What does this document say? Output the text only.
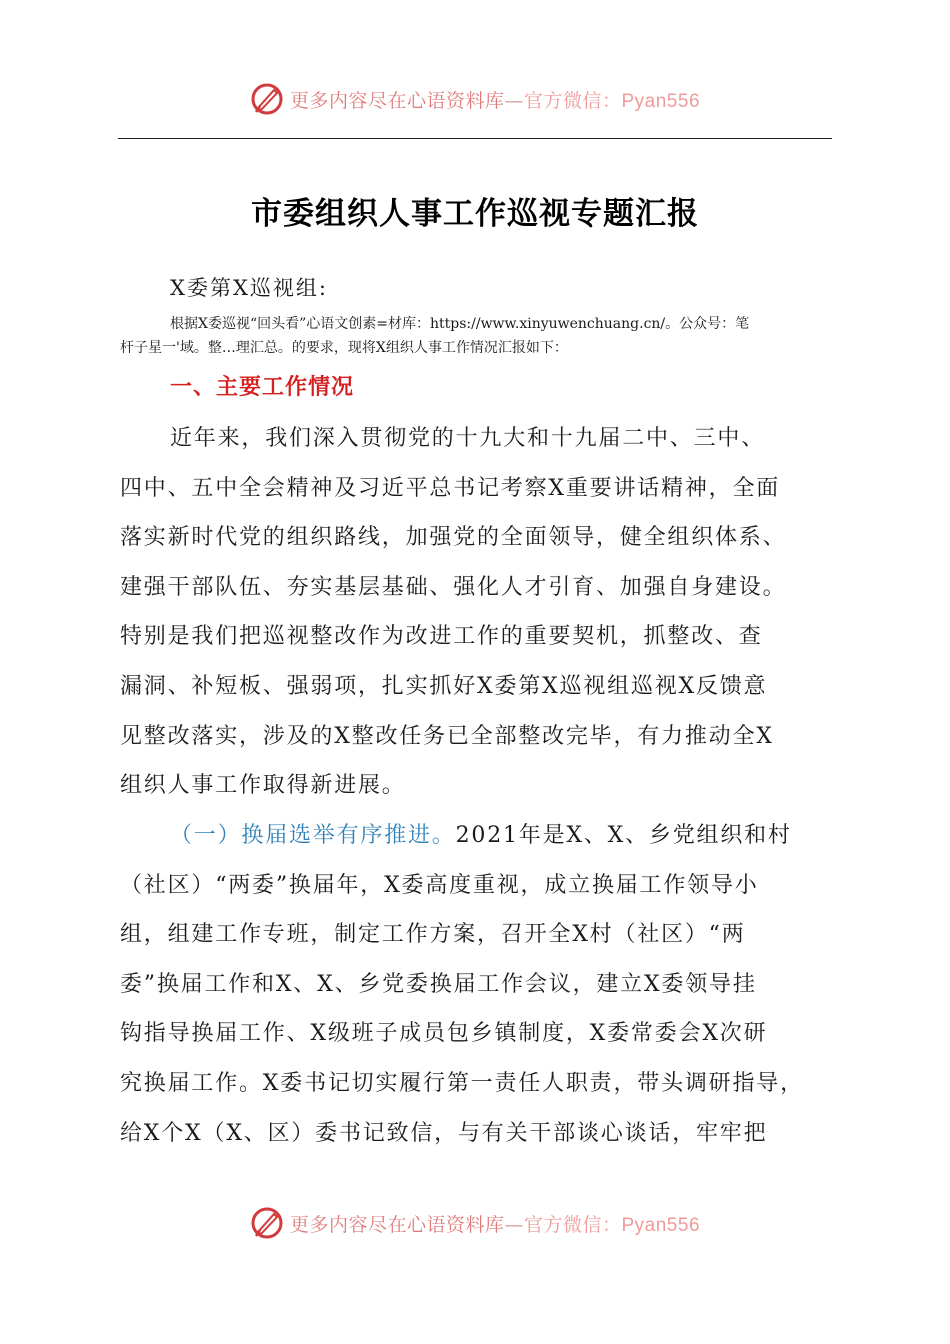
更多内容尽在心语资料库—官方微信：Pyan556
市委组织人事工作巡视专题汇报
X委第X巡视组:
根据X委巡视“回头看”心语文创素=材库：https://www.xinyuwenchuang.cn/。公众号：笔
杆子星一'域。整…理汇总。的要求，现将X组织人事工作情况汇报如下：
一、主要工作情况
近年来，我们深入贯彻党的十九大和十九届二中、三中、
四中、五中全会精神及习近平总书记考察X重要讲话精神，全面
落实新时代党的组织路线，加强党的全面领导，健全组织体系、
建强干部队伍、夯实基层基础、强化人才引育、加强自身建设。
特别是我们把巡视整改作为改进工作的重要契机，抓整改、查
漏洞、补短板、强弱项，扎实抓好X委第X巡视组巡视X反馈意
见整改落实，涉及的X整改任务已全部整改完毕，有力推动全X
组织人事工作取得新进展。
（一）换届选举有序推进。2021年是X、X、乡党组织和村
（社区）“两委”换届年，X委高度重视，成立换届工作领导小
组，组建工作专班，制定工作方案，召开全X村（社区）“两
委”换届工作和X、X、乡党委换届工作会议，建立X委领导挂
钩指导换届工作、X级班子成员包乡镇制度，X委常委会X次研
究换届工作。X委书记切实履行第一责任人职责，带头调研指导，
给X个X（X、区）委书记致信，与有关干部谈心谈话，牢牢把
更多内容尽在心语资料库—官方微信：Pyan556
